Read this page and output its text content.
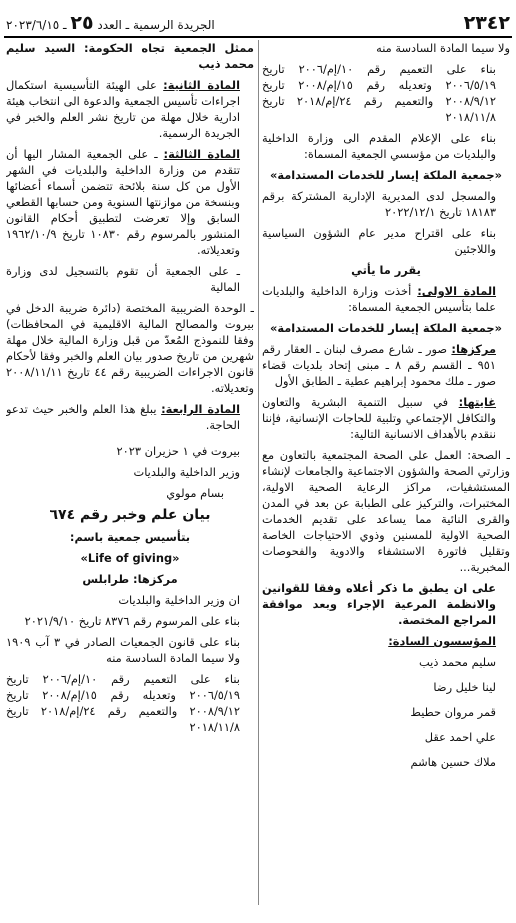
٢٣٤٢
الجريدة الرسمية ـ العدد ٢٥ ـ ٢٠٢٣/٦/١٥

ولا سيما المادة السادسة منه

بناء على التعميم رقم ١٠/إم/٢٠٠٦ تاريخ ٢٠٠٦/٥/١٩ وتعديله رقم ١٥/إم/٢٠٠٨ تاريخ ٢٠٠٨/٩/١٢ والتعميم رقم ٢٤/إم/٢٠١٨ تاريخ ٢٠١٨/١١/٨

بناء على الإعلام المقدم الى وزارة الداخلية والبلديات من مؤسسي الجمعية المسماة:

«جمعية الملكة إيسار للخدمات المستدامة»

والمسجل لدى المديرية الإدارية المشتركة برقم ١٨١٨٣ تاريخ ٢٠٢٢/١٢/١

بناء على اقتراح مدير عام الشؤون السياسية واللاجئين

يقرر ما يأتي

المادة الاولى: أخذت وزارة الداخلية والبلديات علما بتأسيس الجمعية المسماة:

«جمعية الملكة إيسار للخدمات المستدامة»

مركزها: صور ـ شارع مصرف لبنان ـ العقار رقم ٩٥١ ـ القسم رقم ٨ ـ مبنى إتحاد بلديات قضاء صور ـ ملك محمود إبراهيم عطية ـ الطابق الأول

غايتها: في سبيل التنمية البشرية والتعاون والتكافل الإجتماعي وتلبية للحاجات الإنسانية، فإننا ننقدم بالأهداف الانسانية التالية:

ـ الصحة: العمل على الصحة المجتمعية بالتعاون مع وزارتي الصحة والشؤون الاجتماعية والجامعات لإنشاء المستشفيات، مراكز الرعاية الصحية الاولية، المختبرات، والتركيز على الطبابة عن بعد في المدن والقرى النائية مما يساعد على تقديم الخدمات الصحية الاولية للمسنين وذوي الاحتياجات الخاصة وتقليل فاتورة الاستشفاء والادوية والفحوصات المخبرية...

على ان يطبق ما ذكر أعلاه وفقا للقوانين والانظمة المرعية الإجراء وبعد موافقة المراجع المختصة.

المؤسسون السادة:

سليم محمد ذيب

لينا خليل رضا

قمر مروان حطيط

علي احمد عقل

ملاك حسين هاشم

ممثل الجمعية تجاه الحكومة: السيد سليم محمد ذيب

المادة الثانية: على الهيئة التأسيسية استكمال اجراءات تأسيس الجمعية والدعوة الى انتخاب هيئة ادارية خلال مهلة من تاريخ نشر العلم والخبر في الجريدة الرسمية.

المادة الثالثة: ـ على الجمعية المشار اليها أن تتقدم من وزارة الداخلية والبلديات في الشهر الأول من كل سنة بلائحة تتضمن أسماء أعضائها وبنسخة من موازنتها السنوية ومن حسابها القطعي السابق وإلا تعرضت لتطبيق أحكام القانون المنشور بالمرسوم رقم ١٠٨٣٠ تاريخ ١٩٦٢/١٠/٩ وتعديلاته.

ـ على الجمعية أن تقوم بالتسجيل لدى وزارة المالية

ـ الوحدة الضريبية المختصة (دائرة ضريبة الدخل في بيروت والمصالح المالية الاقليمية في المحافظات) وفقا للنموذج المُعدّ من قبل وزارة المالية خلال مهلة شهرين من تاريخ صدور بيان العلم والخبر وفقا لأحكام قانون الاجراءات الضريبية رقم ٤٤ تاريخ ٢٠٠٨/١١/١١ وتعديلاته.

المادة الرابعة: يبلغ هذا العلم والخبر حيث تدعو الحاجة.

بيروت في ١ حزيران ٢٠٢٣

وزير الداخلية والبلديات

بسام مولوي

بيان علم وخبر رقم ٦٧٤

بتأسيس جمعية باسم:

«Life of giving»

مركزها: طرابلس

ان وزير الداخلية والبلديات

بناء على المرسوم رقم ٨٣٧٦ تاريخ ٢٠٢١/٩/١٠

بناء على قانون الجمعيات الصادر في ٣ آب ١٩٠٩ ولا سيما المادة السادسة منه

بناء على التعميم رقم ١٠/إم/٢٠٠٦ تاريخ ٢٠٠٦/٥/١٩ وتعديله رقم ١٥/إم/٢٠٠٨ تاريخ ٢٠٠٨/٩/١٢ والتعميم رقم ٢٤/إم/٢٠١٨ تاريخ ٢٠١٨/١١/٨
